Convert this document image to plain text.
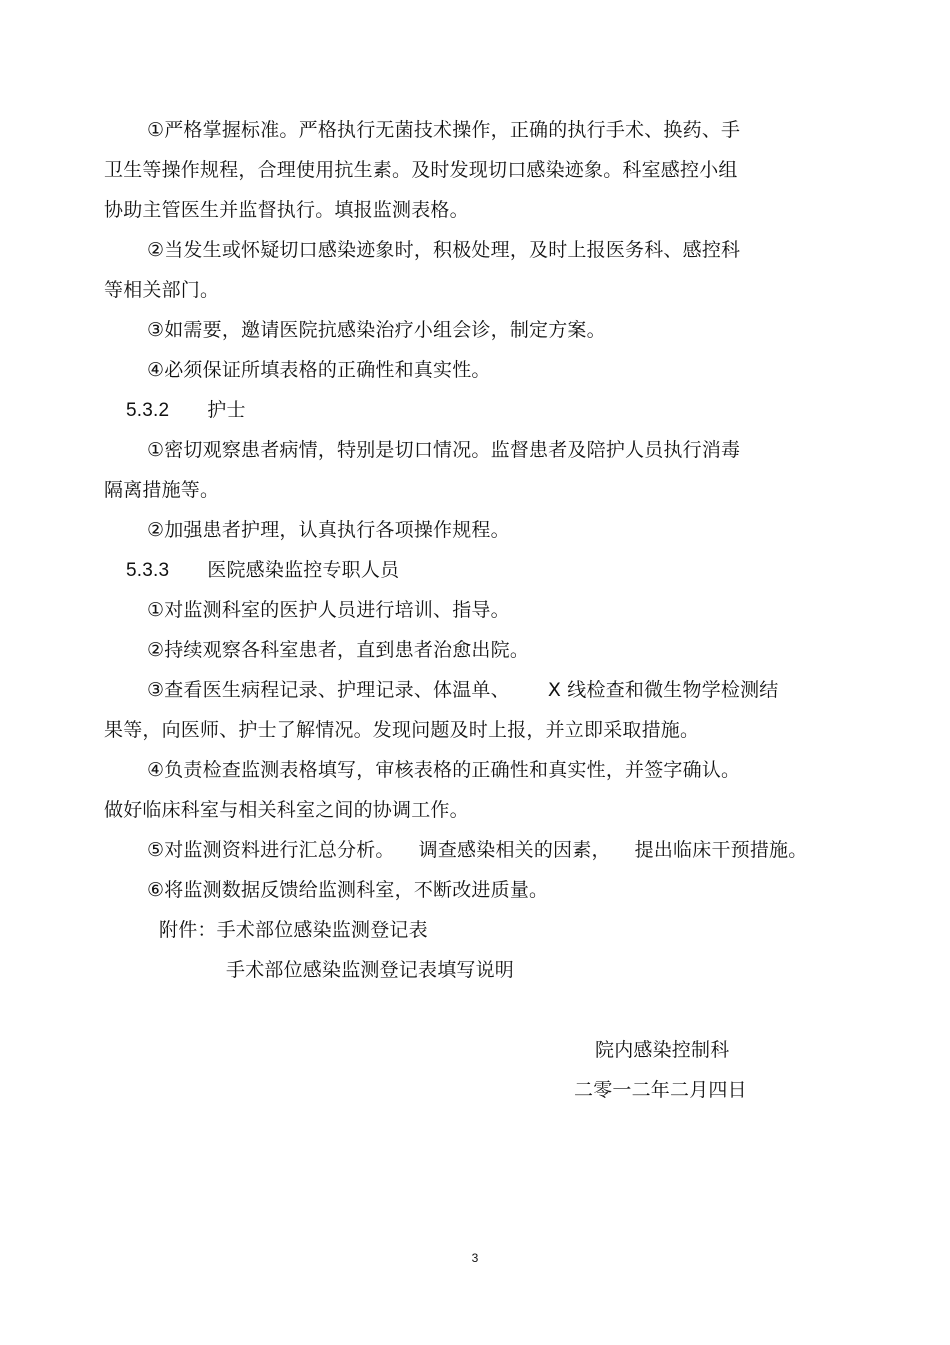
①严格掌握标准。严格执行无菌技术操作，正确的执行手术、换药、手
卫生等操作规程，合理使用抗生素。及时发现切口感染迹象。科室感控小组
协助主管医生并监督执行。填报监测表格。
②当发生或怀疑切口感染迹象时，积极处理，及时上报医务科、感控科
等相关部门。
③如需要，邀请医院抗感染治疗小组会诊，制定方案。
④必须保证所填表格的正确性和真实性。
5.3.2 护士
①密切观察患者病情，特别是切口情况。监督患者及陪护人员执行消毒
隔离措施等。
②加强患者护理，认真执行各项操作规程。
5.3.3 医院感染监控专职人员
①对监测科室的医护人员进行培训、指导。
②持续观察各科室患者，直到患者治愈出院。
③查看医生病程记录、护理记录、体温单、 X 线检查和微生物学检测结
果等，向医师、护士了解情况。发现问题及时上报，并立即采取措施。
④负责检查监测表格填写，审核表格的正确性和真实性，并签字确认。
做好临床科室与相关科室之间的协调工作。
⑤对监测资料进行汇总分析。 调查感染相关的因素， 提出临床干预措施。
⑥将监测数据反馈给监测科室，不断改进质量。
附件：手术部位感染监测登记表
手术部位感染监测登记表填写说明
院内感染控制科
二零一二年二月四日
3
